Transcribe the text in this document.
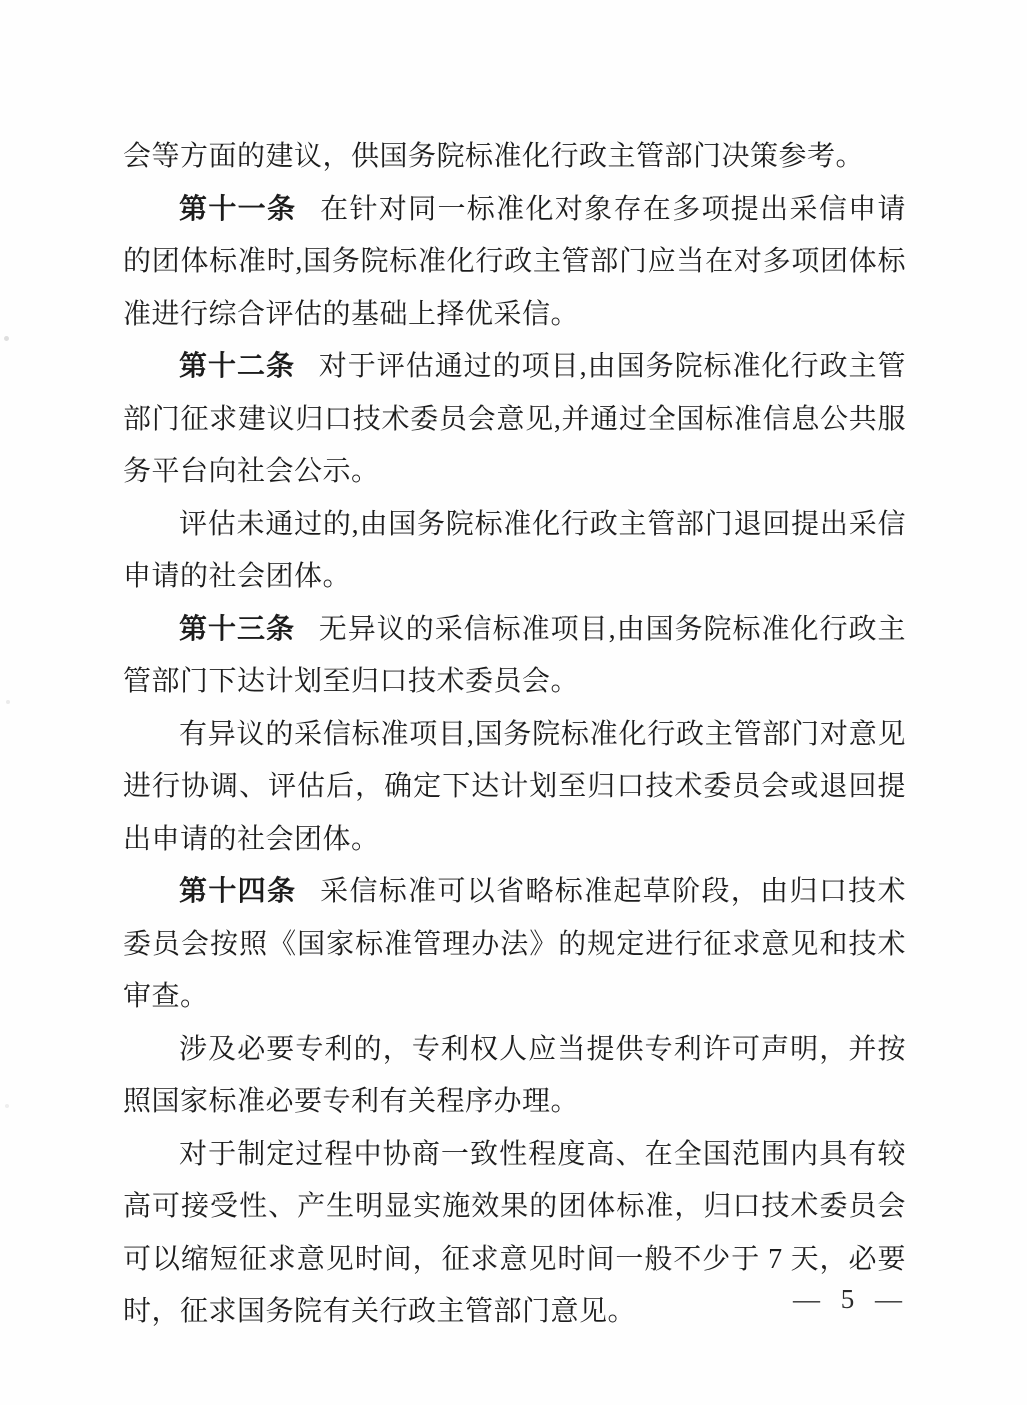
会等方面的建议，供国务院标准化行政主管部门决策参考。

第十一条 在针对同一标准化对象存在多项提出采信申请的团体标准时,国务院标准化行政主管部门应当在对多项团体标准进行综合评估的基础上择优采信。

第十二条 对于评估通过的项目,由国务院标准化行政主管部门征求建议归口技术委员会意见,并通过全国标准信息公共服务平台向社会公示。

评估未通过的,由国务院标准化行政主管部门退回提出采信申请的社会团体。

第十三条 无异议的采信标准项目,由国务院标准化行政主管部门下达计划至归口技术委员会。

有异议的采信标准项目,国务院标准化行政主管部门对意见进行协调、评估后，确定下达计划至归口技术委员会或退回提出申请的社会团体。

第十四条 采信标准可以省略标准起草阶段，由归口技术委员会按照《国家标准管理办法》的规定进行征求意见和技术审查。

涉及必要专利的，专利权人应当提供专利许可声明，并按照国家标准必要专利有关程序办理。

对于制定过程中协商一致性程度高、在全国范围内具有较高可接受性、产生明显实施效果的团体标准，归口技术委员会可以缩短征求意见时间，征求意见时间一般不少于 7 天，必要时，征求国务院有关行政主管部门意见。	— 5 —
